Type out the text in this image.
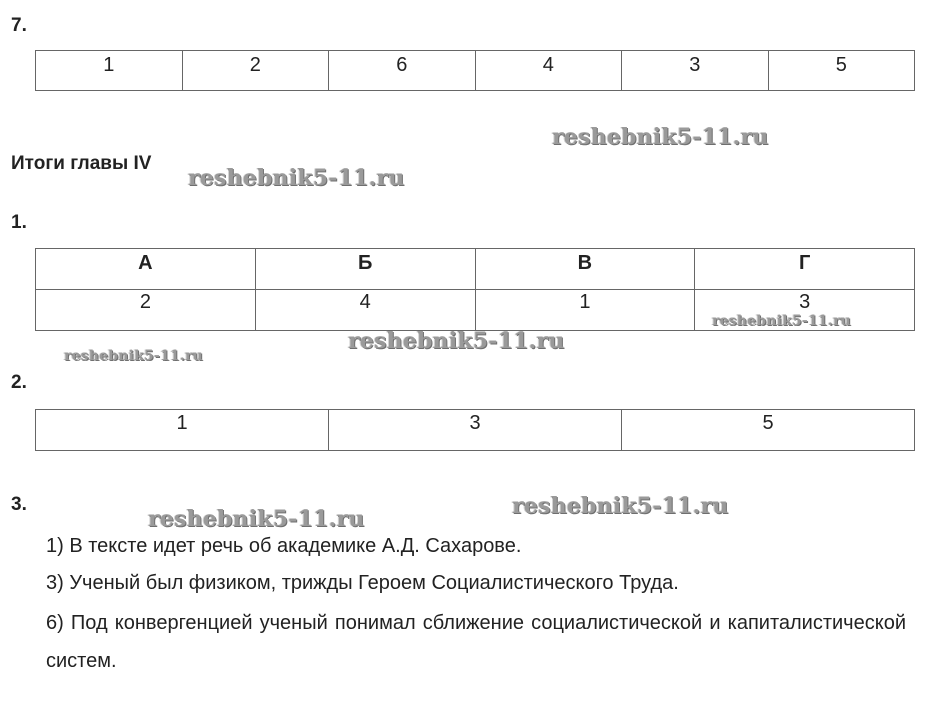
7.
1	2	6	4	3	5
Итоги главы IV
1.
А	Б	В	Г
2	4	1	3
2.
1	3	5
3.
1) В тексте идет речь об академике А.Д. Сахарове.
3) Ученый был физиком, трижды Героем Социалистического Труда.
6) Под конвергенцией ученый понимал сближение социалистической и капиталистической систем.
reshebnik5-11.ru
reshebnik5-11.ru
reshebnik5-11.ru
reshebnik5-11.ru
reshebnik5-11.ru
reshebnik5-11.ru
reshebnik5-11.ru
